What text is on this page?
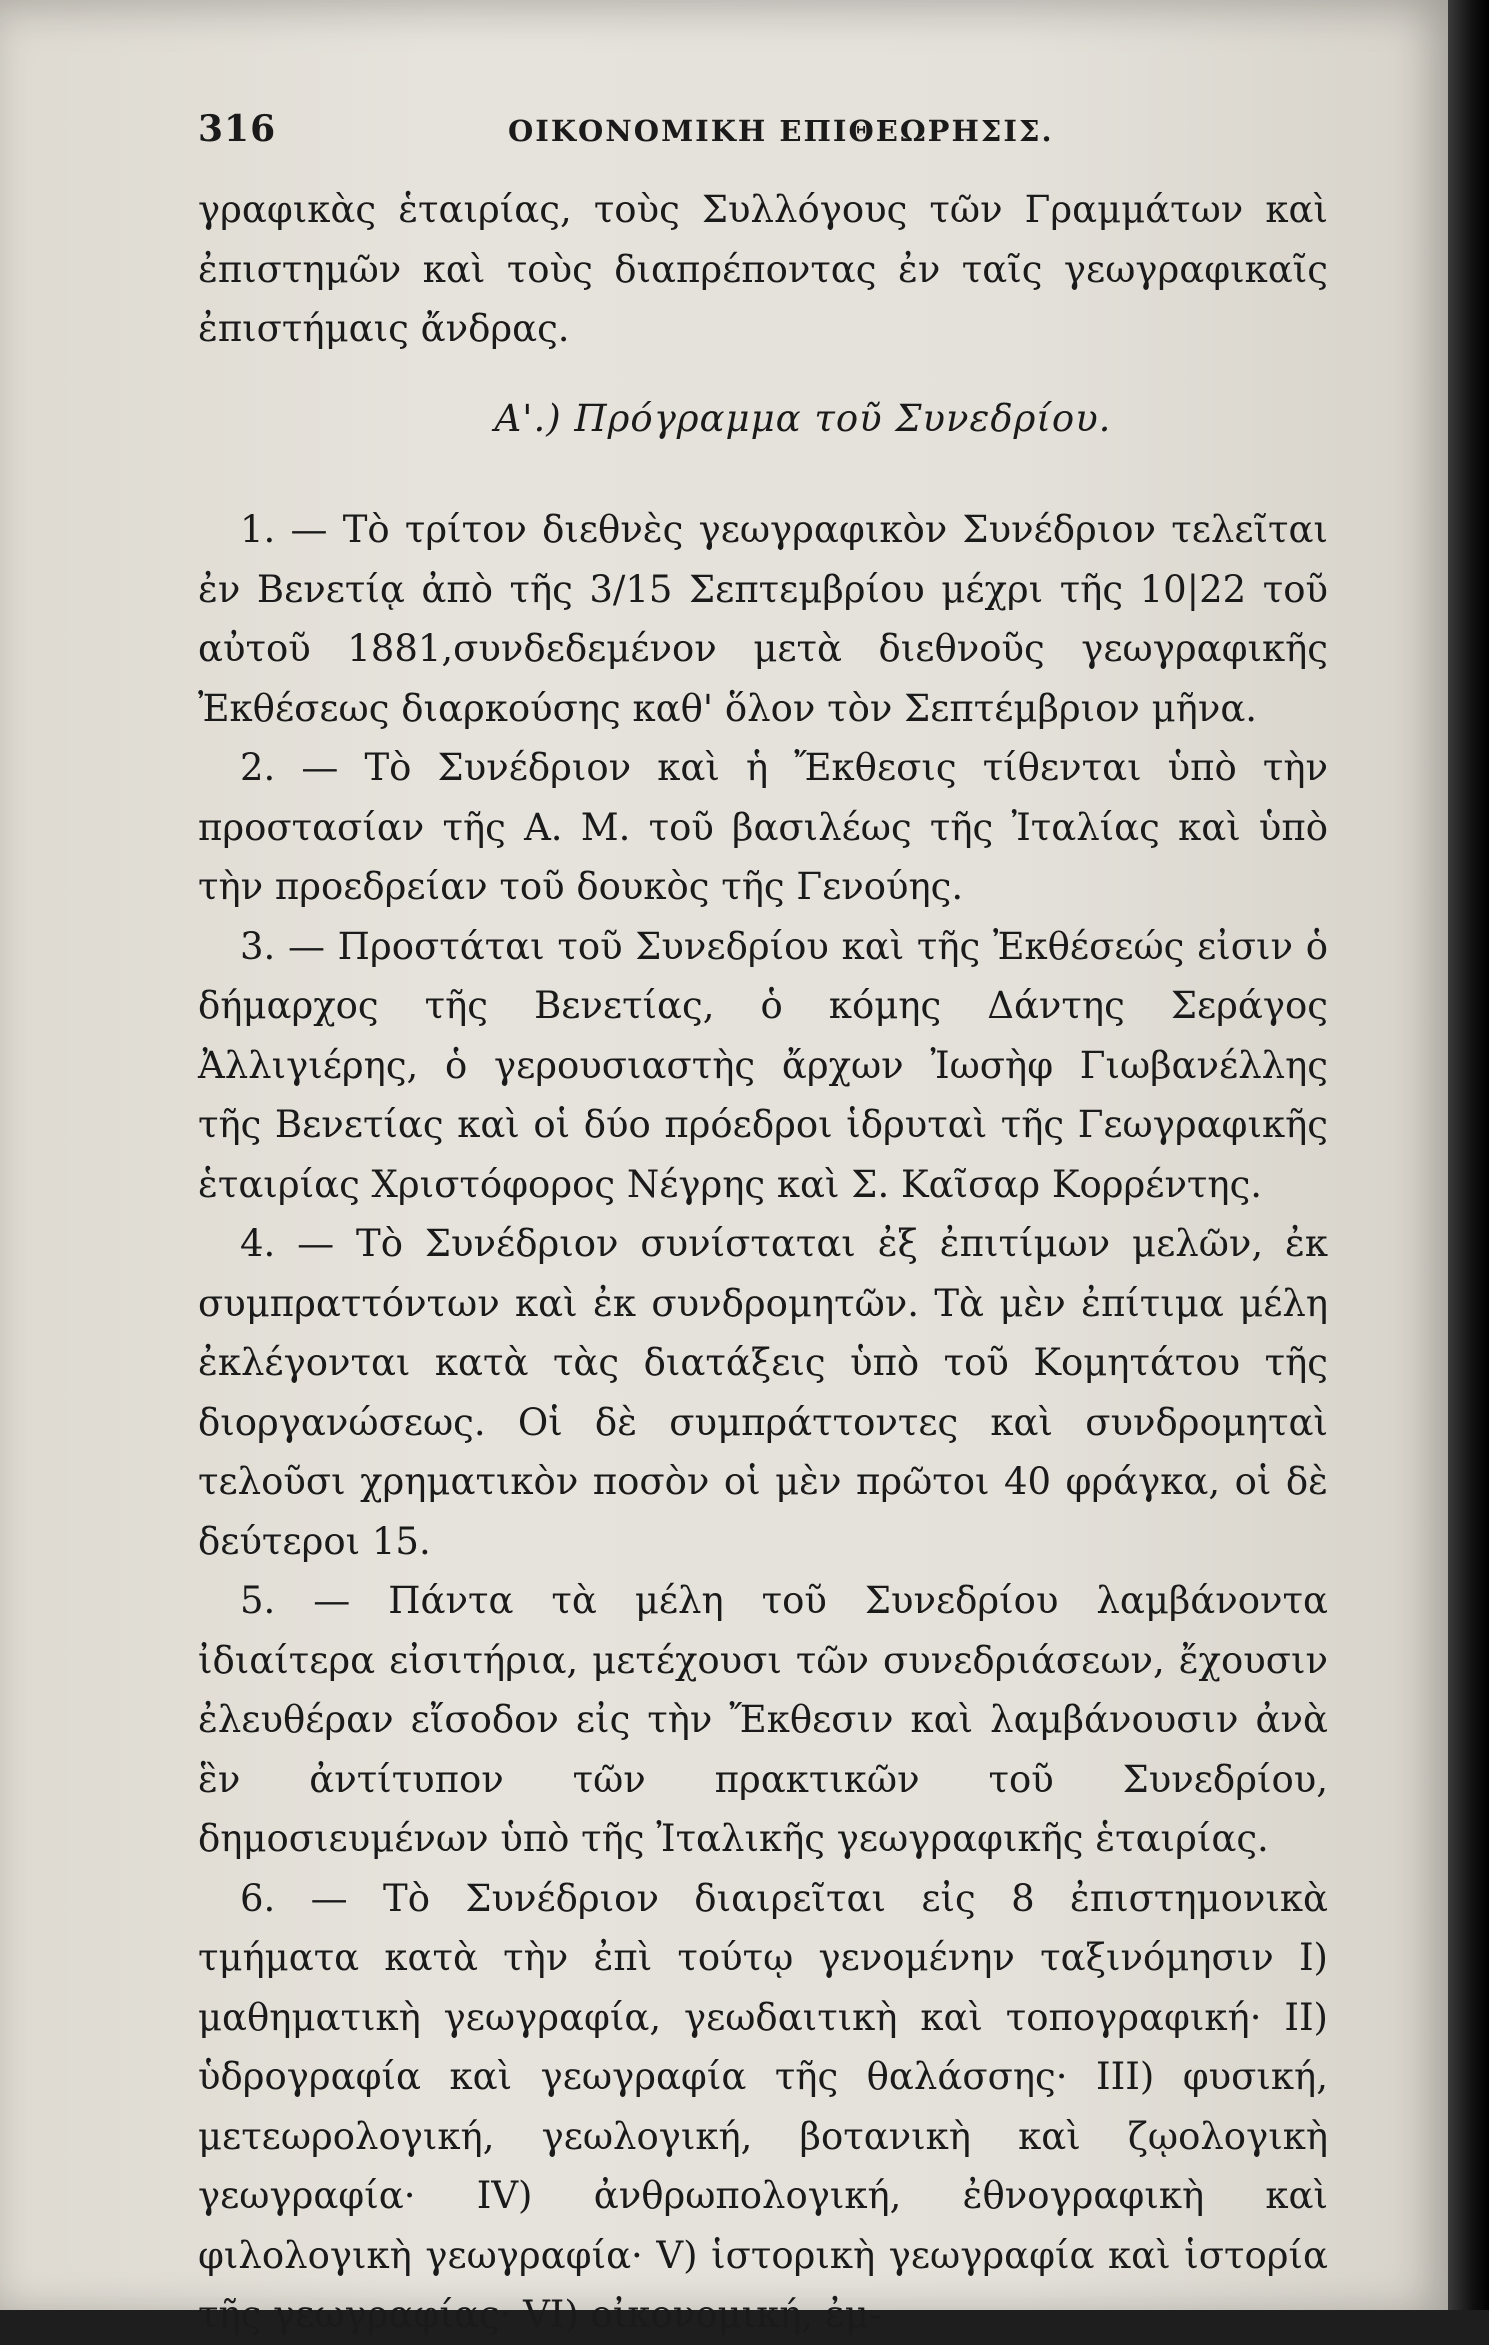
316	ΟΙΚΟΝΟΜΙΚΗ ΕΠΙΘΕΩΡΗΣΙΣ.

γραφικὰς ἑταιρίας, τοὺς Συλλόγους τῶν Γραμμάτων καὶ ἐπιστημῶν καὶ τοὺς διαπρέποντας ἐν ταῖς γεωγραφικαῖς ἐπιστήμαις ἄνδρας.

Α'.) Πρόγραμμα τοῦ Συνεδρίου.

1. — Τὸ τρίτον διεθνὲς γεωγραφικὸν Συνέδριον τελεῖται ἐν Βενετίᾳ ἀπὸ τῆς 3/15 Σεπτεμβρίου μέχρι τῆς 10|22 τοῦ αὐτοῦ 1881,συνδεδεμένον μετὰ διεθνοῦς γεωγραφικῆς Ἐκθέσεως διαρκούσης καθ' ὅλον τὸν Σεπτέμβριον μῆνα.

2. — Τὸ Συνέδριον καὶ ἡ Ἔκθεσις τίθενται ὑπὸ τὴν προστασίαν τῆς Α. Μ. τοῦ βασιλέως τῆς Ἰταλίας καὶ ὑπὸ τὴν προεδρείαν τοῦ δουκὸς τῆς Γενούης.

3. — Προστάται τοῦ Συνεδρίου καὶ τῆς Ἐκθέσεώς εἰσιν ὁ δήμαρχος τῆς Βενετίας, ὁ κόμης Δάντης Σεράγος Ἀλλιγιέρης, ὁ γερουσιαστὴς ἄρχων Ἰωσὴφ Γιωβανέλλης τῆς Βενετίας καὶ οἱ δύο πρόεδροι ἱδρυταὶ τῆς Γεωγραφικῆς ἑταιρίας Χριστόφορος Νέγρης καὶ Σ. Καῖσαρ Κορρέντης.

4. — Τὸ Συνέδριον συνίσταται ἐξ ἐπιτίμων μελῶν, ἐκ συμπραττόντων καὶ ἐκ συνδρομητῶν. Τὰ μὲν ἐπίτιμα μέλη ἐκλέγονται κατὰ τὰς διατάξεις ὑπὸ τοῦ Κομητάτου τῆς διοργανώσεως. Οἱ δὲ συμπράττοντες καὶ συνδρομηταὶ τελοῦσι χρηματικὸν ποσὸν οἱ μὲν πρῶτοι 40 φράγκα, οἱ δὲ δεύτεροι 15.

5. — Πάντα τὰ μέλη τοῦ Συνεδρίου λαμβάνοντα ἰδιαίτερα εἰσιτήρια, μετέχουσι τῶν συνεδριάσεων, ἔχουσιν ἐλευθέραν εἴσοδον εἰς τὴν Ἔκθεσιν καὶ λαμβάνουσιν ἀνὰ ἓν ἀντίτυπον τῶν πρακτικῶν τοῦ Συνεδρίου, δημοσιευμένων ὑπὸ τῆς Ἰταλικῆς γεωγραφικῆς ἑταιρίας.

6. — Τὸ Συνέδριον διαιρεῖται εἰς 8 ἐπιστημονικὰ τμήματα κατὰ τὴν ἐπὶ τούτῳ γενομένην ταξινόμησιν Ι) μαθηματικὴ γεωγραφία, γεωδαιτικὴ καὶ τοπογραφική· ΙΙ) ὑδρογραφία καὶ γεωγραφία τῆς θαλάσσης· ΙΙΙ) φυσική, μετεωρολογική, γεωλογική, βοτανικὴ καὶ ζῳολογικὴ γεωγραφία· ΙV) ἀνθρωπολογική, ἐθνογραφικὴ καὶ φιλολογικὴ γεωγραφία· V) ἱστορικὴ γεωγραφία καὶ ἱστορία τῆς γεωγραφίας· VΙ) οἰκονομική, ἐμ-
